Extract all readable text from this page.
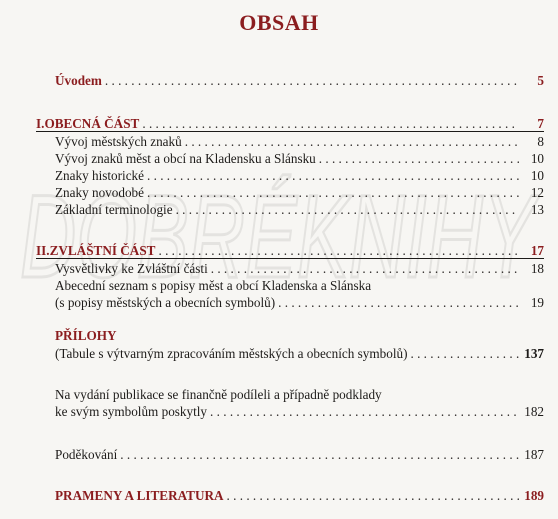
DOBRÉKNIHY
OBSAH
Úvodem . . .	5
I. OBECNÁ ČÁST . . .	7
Vývoj městských znaků . . .	8
Vývoj znaků měst a obcí na Kladensku a Slánsku . . .	10
Znaky historické . . .	10
Znaky novodobé . . .	12
Základní terminologie . . .	13
II. ZVLÁŠTNÍ ČÁST . . .	17
Vysvětlivky ke Zvláštní části . . .	18
Abecední seznam s popisy měst a obcí Kladenska a Slánska
(s popisy městských a obecních symbolů) . . .	19
PŘÍLOHY
(Tabule s výtvarným zpracováním městských a obecních symbolů) . . .	137
Na vydání publikace se finančně podíleli a případně podklady
ke svým symbolům poskytly . . .	182
Poděkování . . .	187
PRAMENY A LITERATURA . . .	189
